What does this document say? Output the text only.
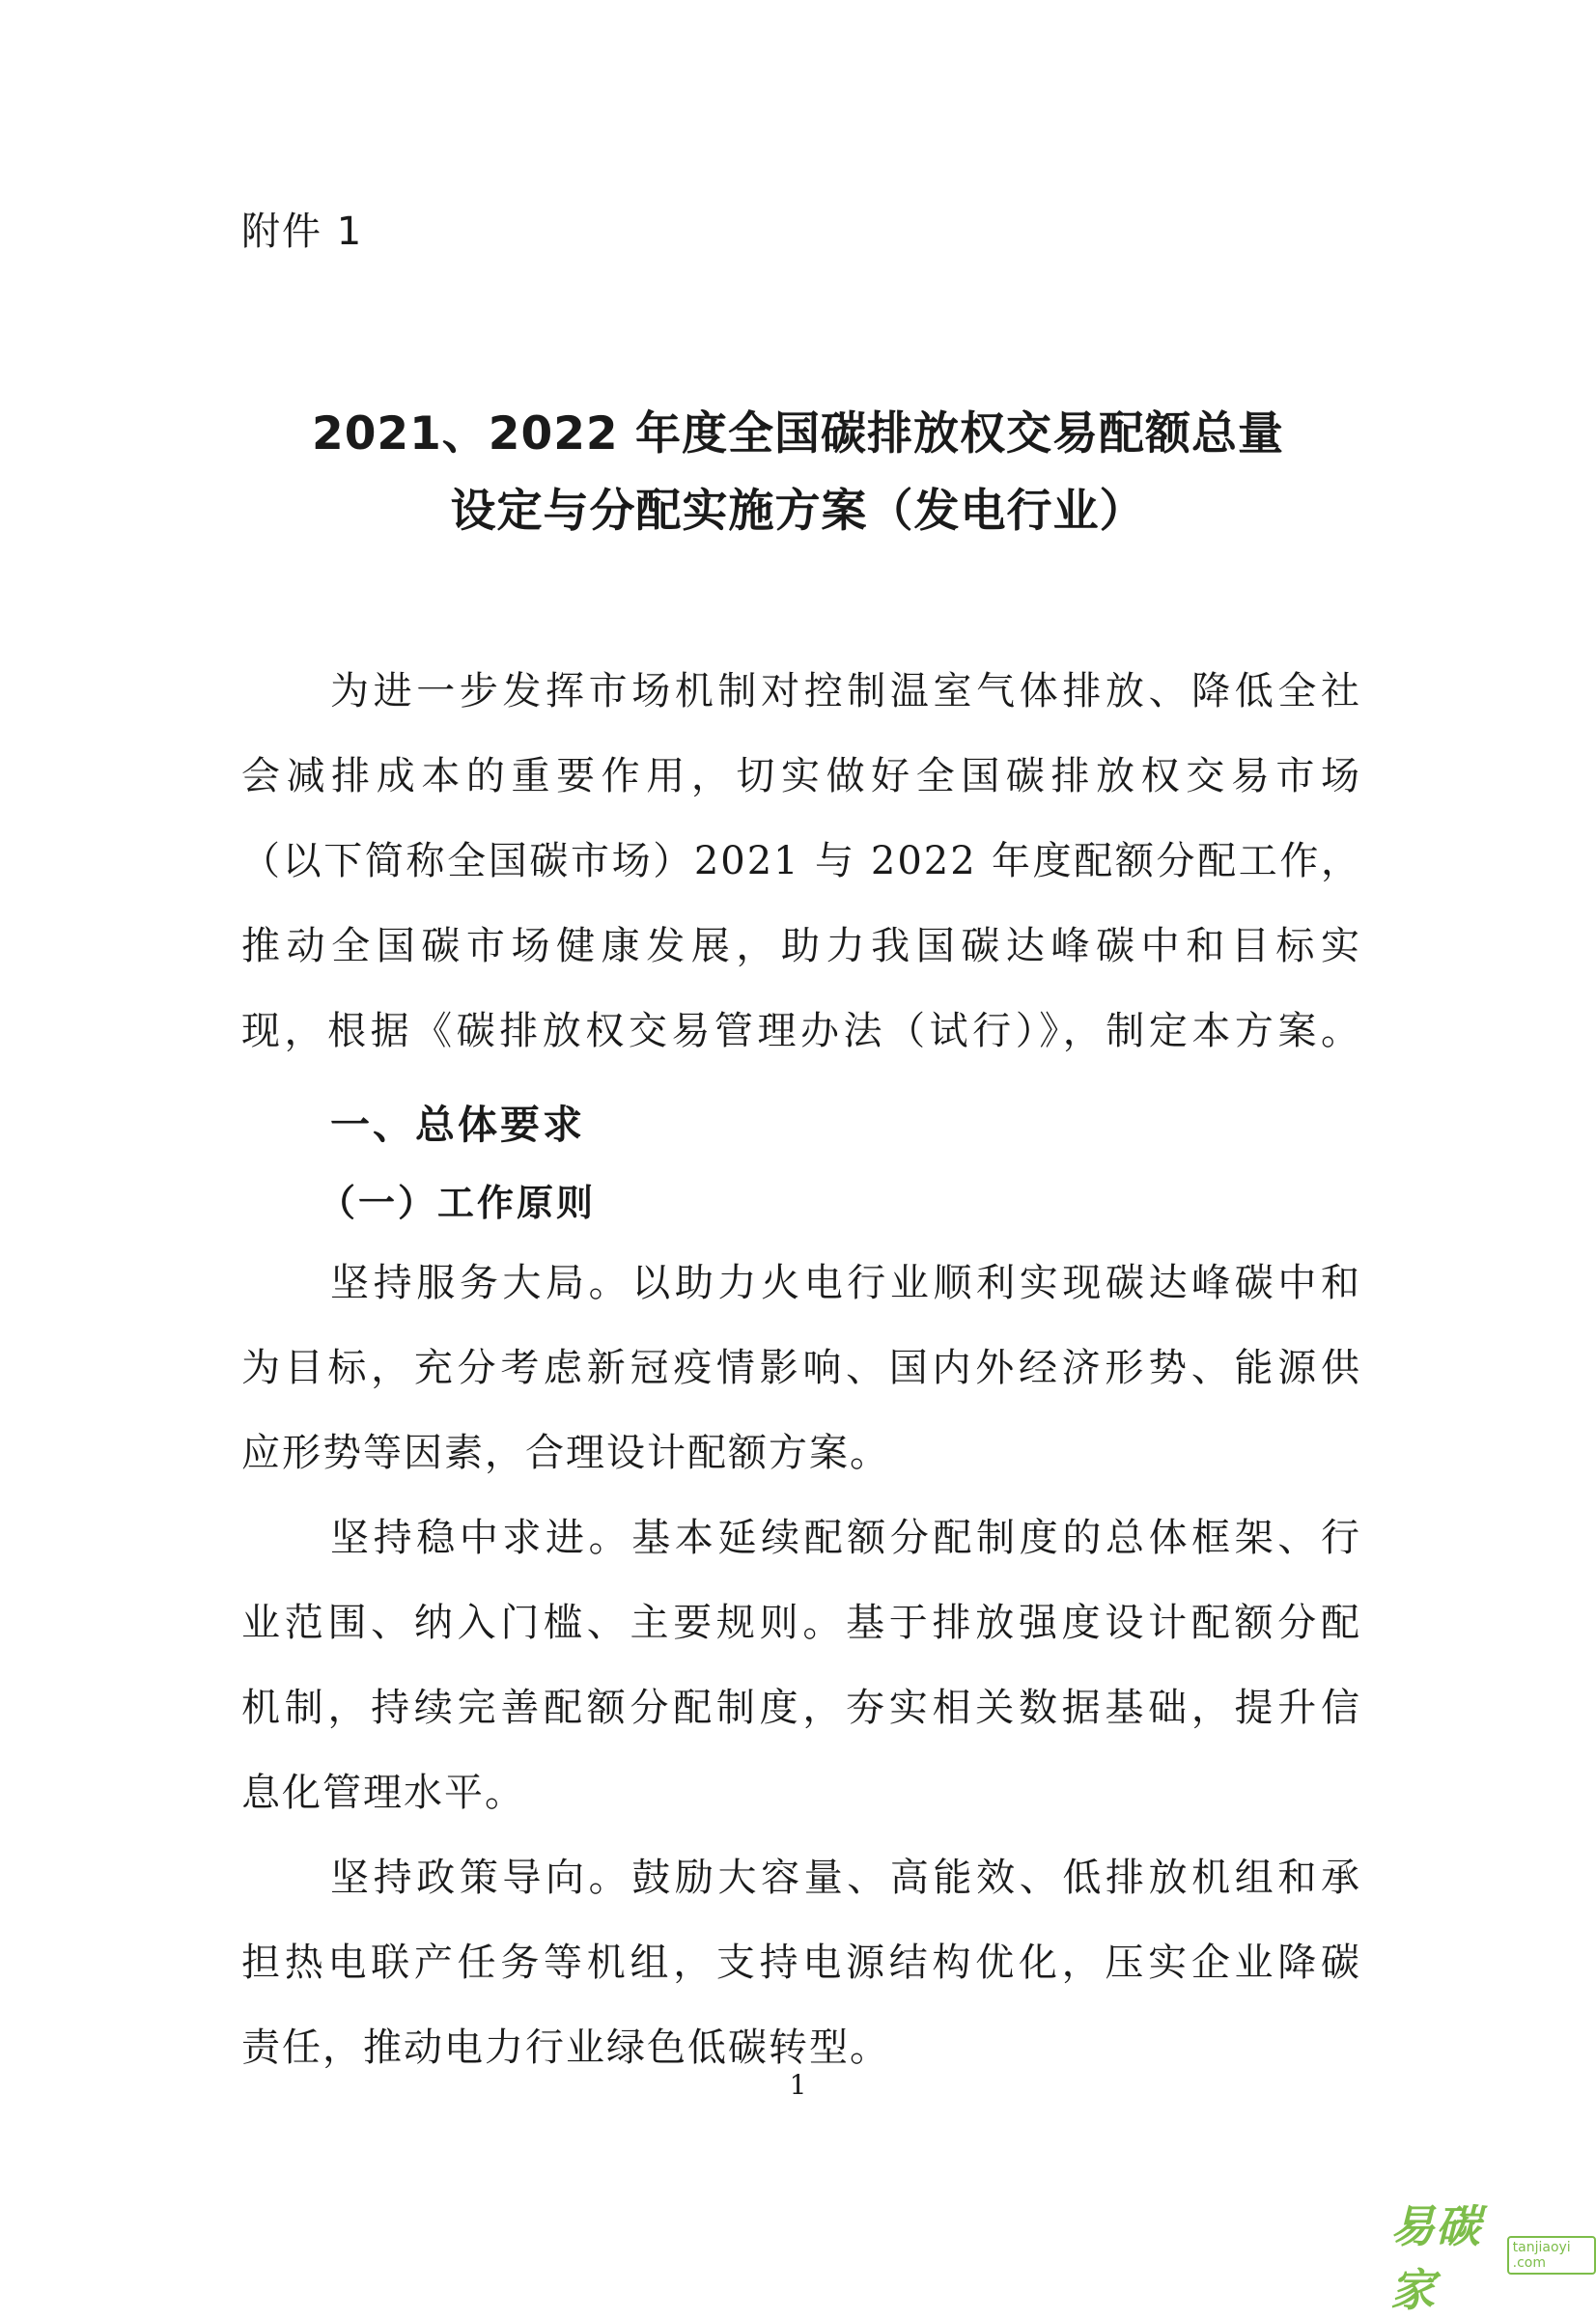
附件 1
2021、2022 年度全国碳排放权交易配额总量
设定与分配实施方案（发电行业）
为进一步发挥市场机制对控制温室气体排放、降低全社
会减排成本的重要作用，切实做好全国碳排放权交易市场
（以下简称全国碳市场）2021 与 2022 年度配额分配工作，
推动全国碳市场健康发展，助力我国碳达峰碳中和目标实
现，根据《碳排放权交易管理办法（试行）》，制定本方案。
一、总体要求
（一）工作原则
坚持服务大局。以助力火电行业顺利实现碳达峰碳中和
为目标，充分考虑新冠疫情影响、国内外经济形势、能源供
应形势等因素，合理设计配额方案。
坚持稳中求进。基本延续配额分配制度的总体框架、行
业范围、纳入门槛、主要规则。基于排放强度设计配额分配
机制，持续完善配额分配制度，夯实相关数据基础，提升信
息化管理水平。
坚持政策导向。鼓励大容量、高能效、低排放机组和承
担热电联产任务等机组，支持电源结构优化，压实企业降碳
责任，推动电力行业绿色低碳转型。
1
易碳家
tanjiaoyi .com
